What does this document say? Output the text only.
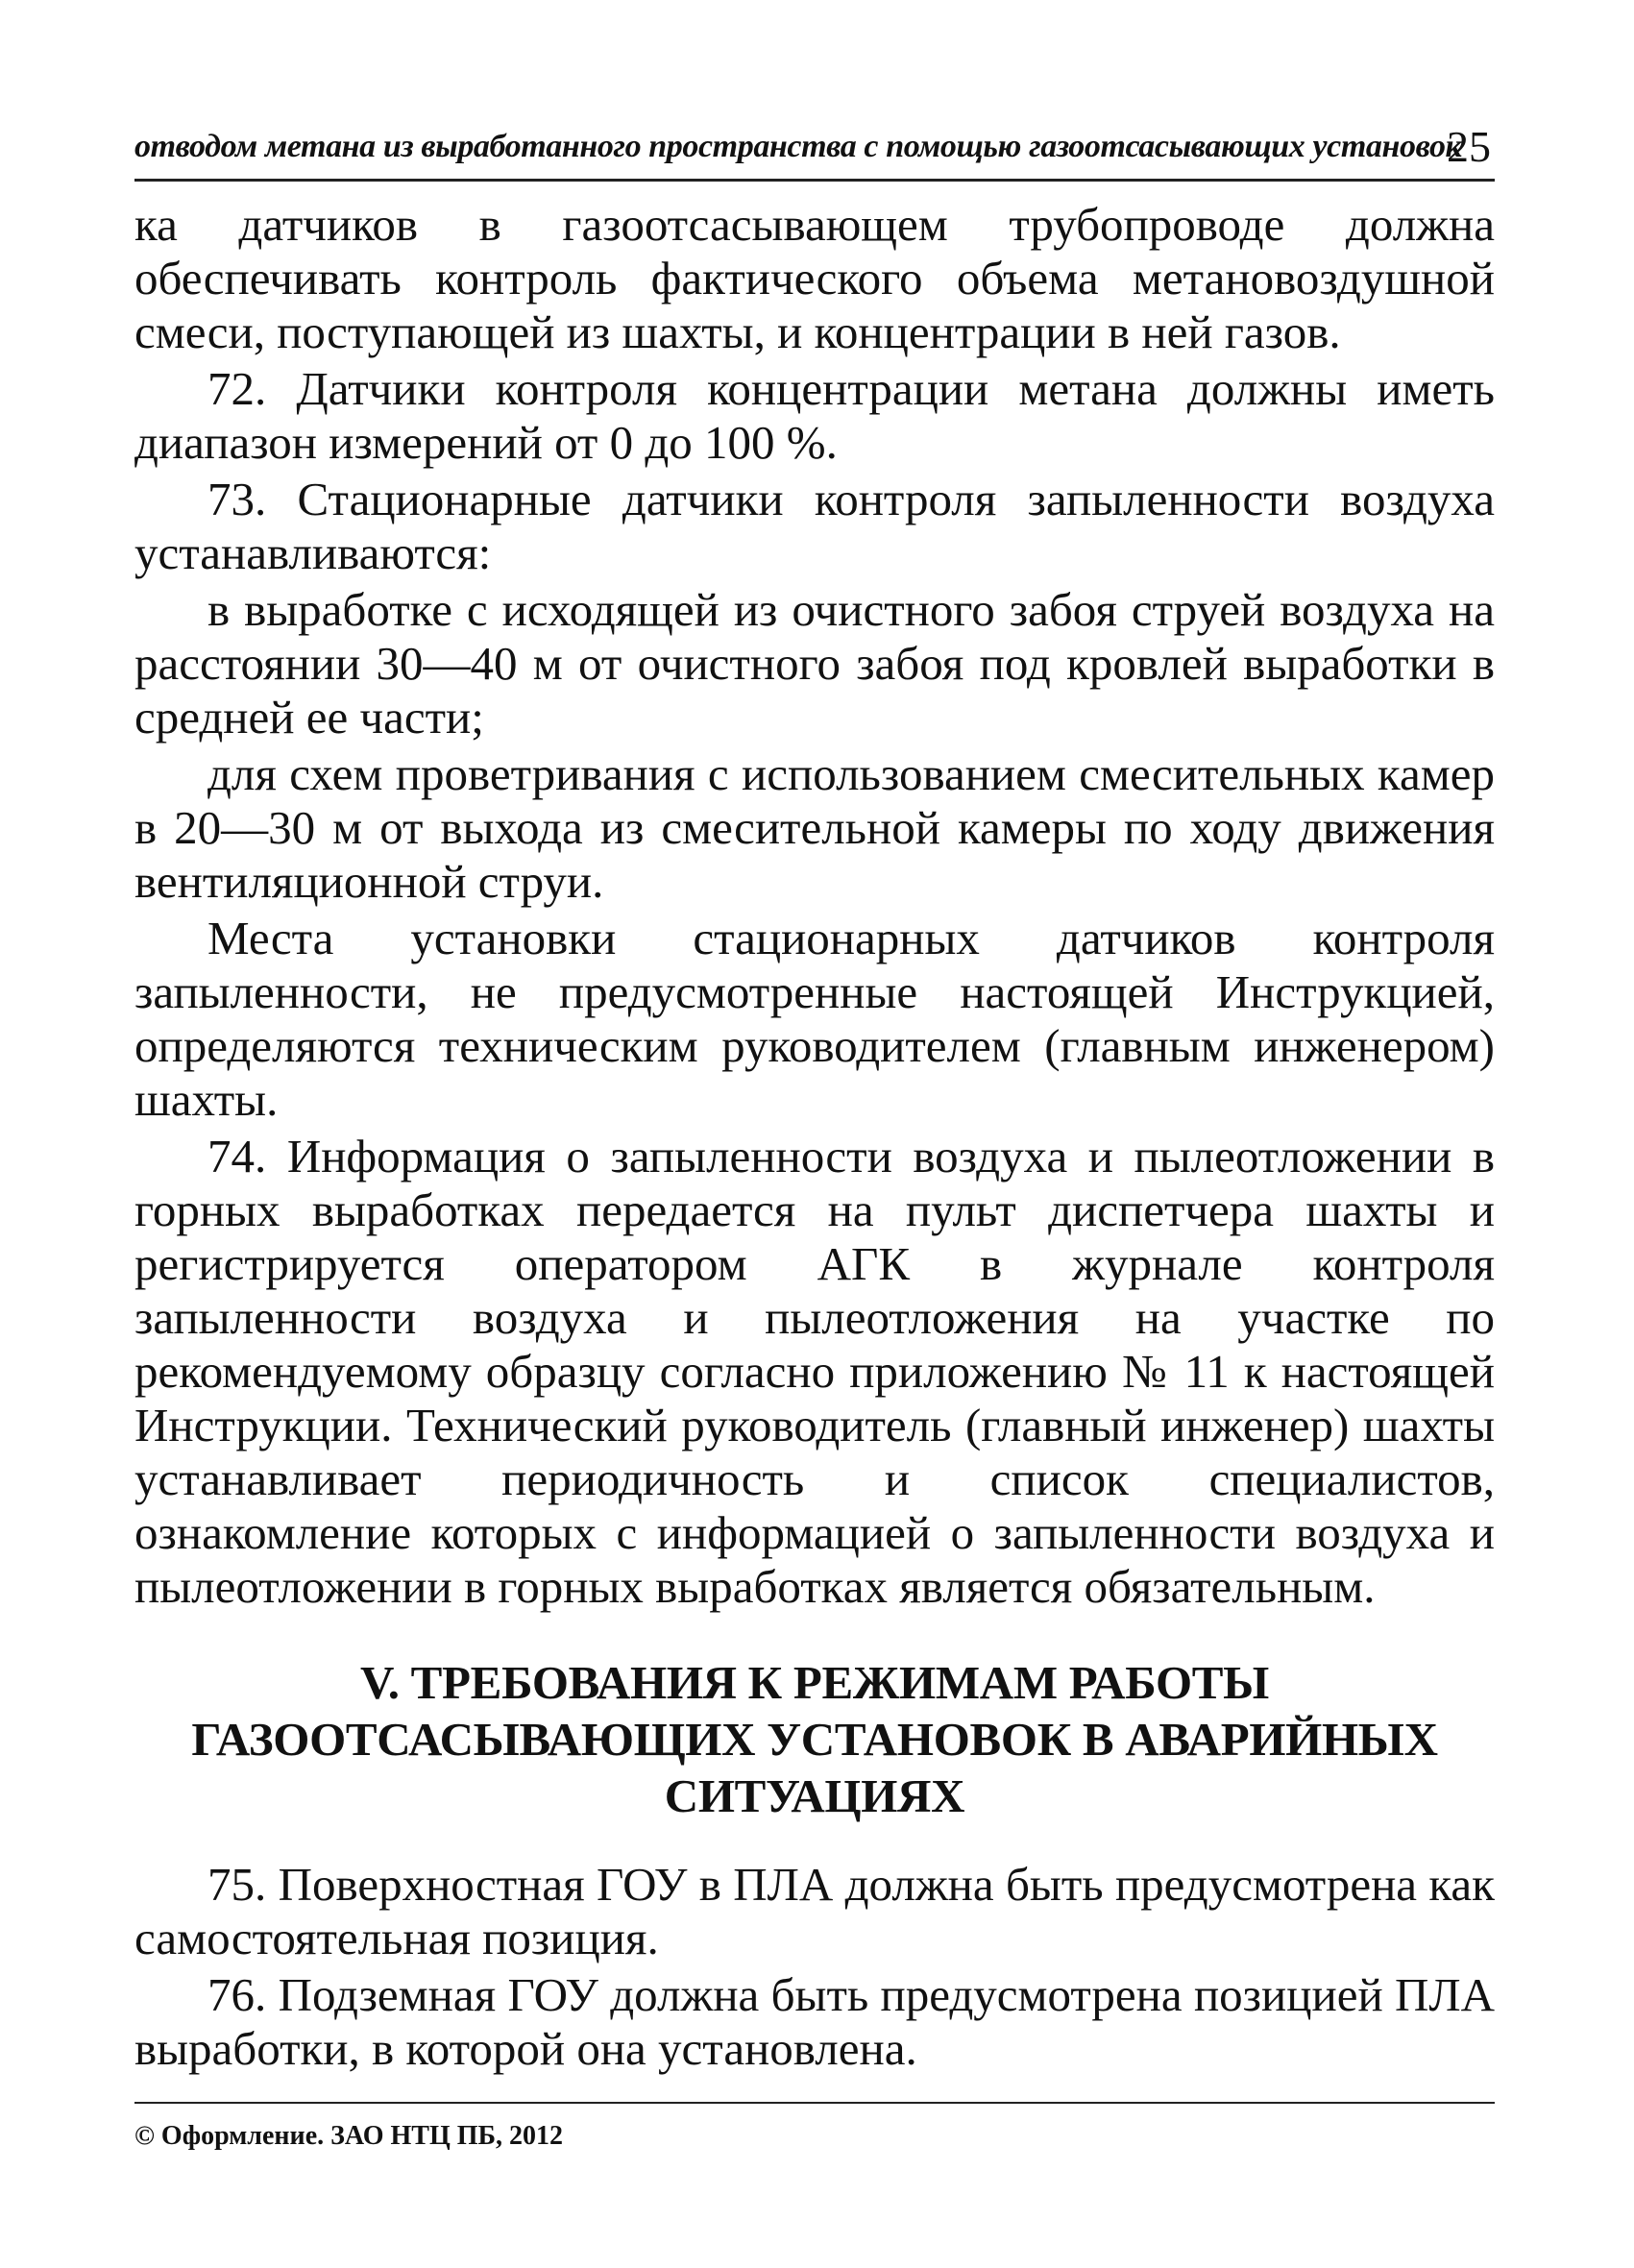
отводом метана из выработанного пространства с помощью газоотсасывающих установок
25

ка датчиков в газоотсасывающем трубопроводе должна обеспечивать контроль фактического объема метановоздушной смеси, поступающей из шахты, и концентрации в ней газов.

72. Датчики контроля концентрации метана должны иметь диапазон измерений от 0 до 100 %.

73. Стационарные датчики контроля запыленности воздуха устанавливаются:

в выработке с исходящей из очистного забоя струей воздуха на расстоянии 30—40 м от очистного забоя под кровлей выработки в средней ее части;

для схем проветривания с использованием смесительных камер в 20—30 м от выхода из смесительной камеры по ходу движения вентиляционной струи.

Места установки стационарных датчиков контроля запыленности, не предусмотренные настоящей Инструкцией, определяются техническим руководителем (главным инженером) шахты.

74. Информация о запыленности воздуха и пылеотложении в горных выработках передается на пульт диспетчера шахты и регистрируется оператором АГК в журнале контроля запыленности воздуха и пылеотложения на участке по рекомендуемому образцу согласно приложению № 11 к настоящей Инструкции. Технический руководитель (главный инженер) шахты устанавливает периодичность и список специалистов, ознакомление которых с информацией о запыленности воздуха и пылеотложении в горных выработках является обязательным.

V. ТРЕБОВАНИЯ К РЕЖИМАМ РАБОТЫ
ГАЗООТСАСЫВАЮЩИХ УСТАНОВОК В АВАРИЙНЫХ
СИТУАЦИЯХ

75. Поверхностная ГОУ в ПЛА должна быть предусмотрена как самостоятельная позиция.

76. Подземная ГОУ должна быть предусмотрена позицией ПЛА выработки, в которой она установлена.

© Оформление. ЗАО НТЦ ПБ, 2012
